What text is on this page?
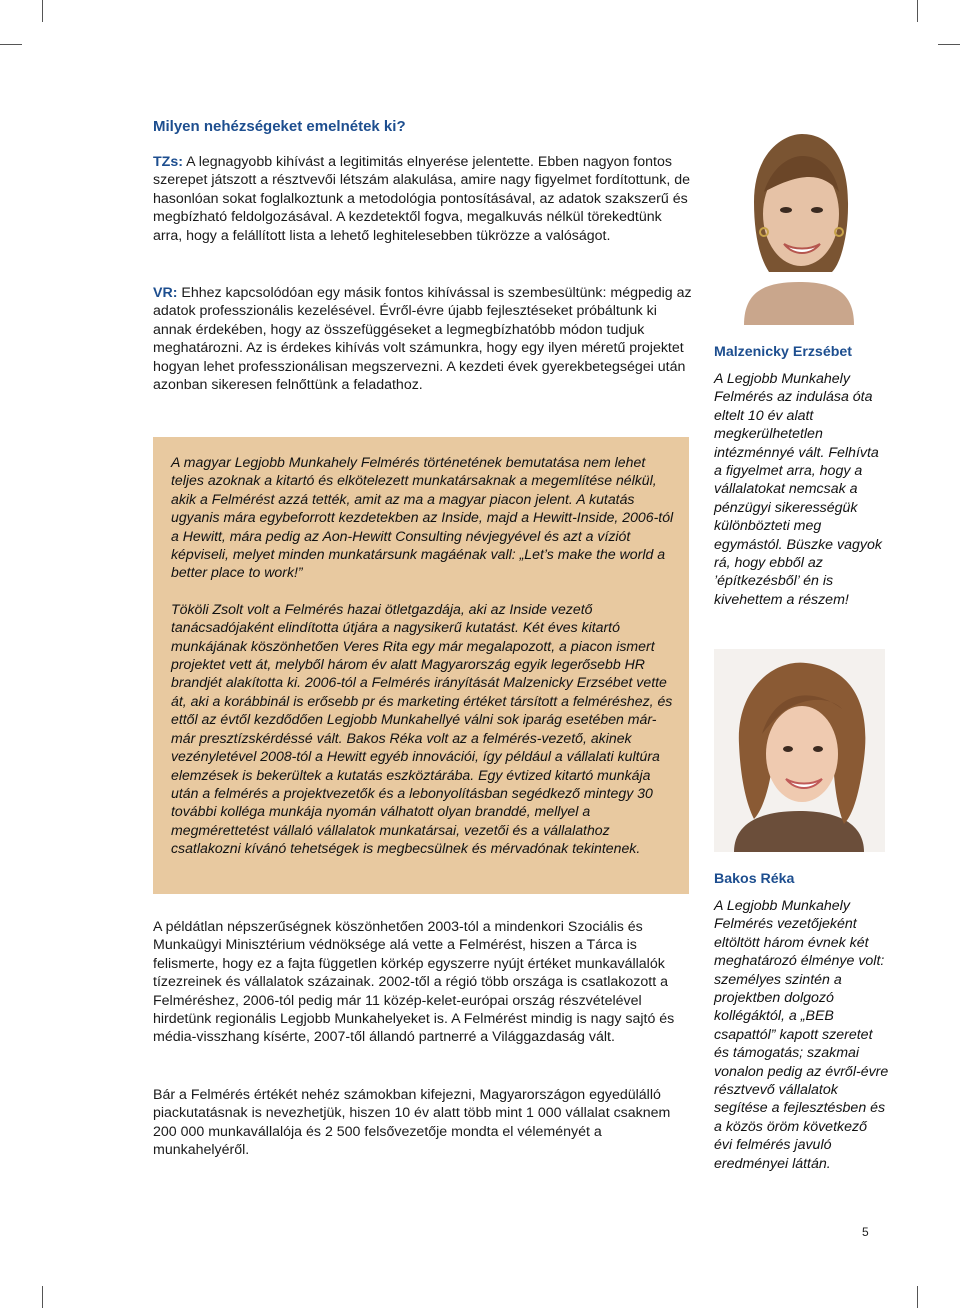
Milyen nehézségeket emelnétek ki?

TZs: A legnagyobb kihívást a legitimitás elnyerése jelentette. Ebben nagyon fontos szerepet játszott a résztvevői létszám alakulása, amire nagy figyelmet fordítottunk, de hasonlóan sokat foglalkoztunk a metodológia pontosításával, az adatok szakszerű és megbízható feldolgozásával. A kezdetektől fogva, megalkuvás nélkül törekedtünk arra, hogy a felállított lista a lehető leghitelesebben tükrözze a valóságot.

VR: Ehhez kapcsolódóan egy másik fontos kihívással is szembesültünk: mégpedig az adatok professzionális kezelésével. Évről-évre újabb fejlesztéseket próbáltunk ki annak érdekében, hogy az összefüggéseket a legmegbízhatóbb módon tudjuk meghatározni. Az is érdekes kihívás volt számunkra, hogy egy ilyen méretű projektet hogyan lehet professzionálisan megszervezni. A kezdeti évek gyerekbetegségei után azonban sikeresen felnőttünk a feladathoz.

A magyar Legjobb Munkahely Felmérés történetének bemutatása nem lehet teljes azoknak a kitartó és elkötelezett munkatársaknak a megemlítése nélkül, akik a Felmérést azzá tették, amit az ma a magyar piacon jelent. A kutatás ugyanis mára egybeforrott kezdetekben az Inside, majd a Hewitt-Inside, 2006-tól a Hewitt, mára pedig az Aon-Hewitt Consulting névjegyével és azt a víziót képviseli, melyet minden munkatársunk magáénak vall: „Let’s make the world a better place to work!”

Tököli Zsolt volt a Felmérés hazai ötletgazdája, aki az Inside vezető tanácsadójaként elindította útjára a nagysikerű kutatást. Két éves kitartó munkájának köszönhetően Veres Rita egy már megalapozott, a piacon ismert projektet vett át, melyből három év alatt Magyarország egyik legerősebb HR brandjét alakította ki. 2006-tól a Felmérés irányítását Malzenicky Erzsébet vette át, aki a korábbinál is erősebb pr és marketing értéket társított a felméréshez, és ettől az évtől kezdődően Legjobb Munkahellyé válni sok iparág esetében már-már presztízskérdéssé vált. Bakos Réka volt az a felmérés-vezető, akinek vezényletével 2008-tól a Hewitt egyéb innovációi, így például a vállalati kultúra elemzések is bekerültek a kutatás eszköztárába. Egy évtized kitartó munkája után a felmérés a projektvezetők és a lebonyolításban segédkező mintegy 30 további kolléga munkája nyomán válhatott olyan branddé, mellyel a megmérettetést vállaló vállalatok munkatársai, vezetői és a vállalathoz csatlakozni kívánó tehetségek is megbecsülnek és mérvadónak tekintenek.

A példátlan népszerűségnek köszönhetően 2003-tól a mindenkori Szociális és Munkaügyi Minisztérium védnöksége alá vette a Felmérést, hiszen a Tárca is felismerte, hogy ez a fajta független körkép egyszerre nyújt értéket munkavállalók tízezreinek és vállalatok százainak. 2002-től a régió több országa is csatlakozott a Felméréshez, 2006-tól pedig már 11 közép-kelet-európai ország részvételével hirdetünk regionális Legjobb Munkahelyeket is. A Felmérést mindig is nagy sajtó és média-visszhang kísérte, 2007-től állandó partnerré a Világgazdaság vált.

Bár a Felmérés értékét nehéz számokban kifejezni, Magyarországon egyedülálló piackutatásnak is nevezhetjük, hiszen 10 év alatt több mint 1 000 vállalat csaknem 200 000 munkavállalója és 2 500 felsővezetője mondta el véleményét a munkahelyéről.

Malzenicky Erzsébet

A Legjobb Munkahely Felmérés az indulása óta eltelt 10 év alatt megkerülhetetlen intézménnyé vált. Felhívta a figyelmet arra, hogy a vállalatokat nemcsak a pénzügyi sikerességük különbözteti meg egymástól. Büszke vagyok rá, hogy ebből az ’építkezésből’ én is kivehettem a részem!

Bakos Réka

A Legjobb Munkahely Felmérés vezetőjeként eltöltött három évnek két meghatározó élménye volt: személyes szintén a projektben dolgozó kollégáktól, a „BEB csapattól” kapott szeretet és támogatás; szakmai vonalon pedig az évről-évre résztvevő vállalatok segítése a fejlesztésben és a közös öröm következő évi felmérés javuló eredményei láttán.

5
